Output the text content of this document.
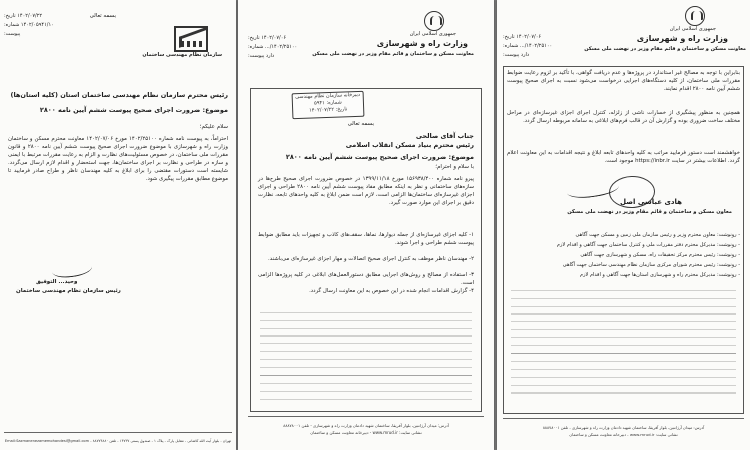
بسمه تعالی

سازمان نظام مهندسی ساختمان

۱۴۰۲/۰۷/۲۲ تاریخ:

۱۴۰۲/۰۵۹۴۱/۱۰ شماره:

پیوست:

رئیس محترم سازمان نظام مهندسی ساختمان استان (کلیه استان‌ها)

موضوع: ضرورت اجرای صحیح پیوست ششم آیین نامه ۲۸۰۰

سلام علیکم؛

احتراماً، به پیوست نامه شماره ۱۴۰۲/۲۵۱۰۰ مورخ ۱۴۰۲/۰۷/۰۶ معاونت محترم مسکن و ساختمان وزارت راه و شهرسازی با موضوع ضرورت اجرای صحیح پیوست ششم آیین نامه ۲۸۰۰ و قانون مقررات ملی ساختمان، در خصوص مسئولیت‌های نظارت و الزام به رعایت مقررات مرتبط با ایمنی و سازه در طراحی و نظارت بر اجرای ساختمان‌ها، جهت استحضار و اقدام لازم ارسال می‌گردد. شایسته است دستورات مقتضی را برای ابلاغ به کلیه مهندسان ناظر و طراح صادر فرمایید تا موضوع مطابق مقررات پیگیری شود.

وحید... التوفیق

رئیس سازمان نظام مهندسی ساختمان

تهران - بلوار آیت الله کاشانی - مقابل پارک - پلاک ۱ - صندوق پستی ۱۴۷۳۷ - تلفن ۸۸۷۷۴۸۸۰ - Email:Sazmanenezamemohandesi@gmail.com

جمهوری اسلامی ایران

وزارت راه و شهرسازی

معاونت مسکن و ساختمان و قائم مقام وزیر در نهضت ملی مسکن

۱۴۰۲/۰۷/۰۶ تاریخ:

۱۴۰۲/۲۵۱۰۰/... شماره:

دارد پیوست:

دبیرخانه سازمان نظام مهندسی
شماره: ۵۹۴۱
تاریخ: ۱۴۰۲/۰۷/۲۲

بسمه تعالی

جناب آقای صالحی

رئیس محترم بنیاد مسکن انقلاب اسلامی

موضوع: ضرورت اجرای صحیح پیوست ششم آیین نامه ۲۸۰۰

با سلام و احترام؛

پیرو نامه شماره ۱۵۶۹۳۸/۴۰۰ مورخ ۱۳۹۹/۱۱/۱۸ در خصوص ضرورت اجرای صحیح طرح‌ها در سازه‌های ساختمانی و نظر به اینکه مطابق مفاد پیوست ششم آیین نامه ۲۸۰۰ طراحی و اجرای اجزای غیرسازه‌ای ساختمان‌ها الزامی است، لازم است ضمن ابلاغ به کلیه واحدهای تابعه، نظارت دقیق بر اجرای این موارد صورت گیرد.

۱- کلیه اجزای غیرسازه‌ای از جمله دیوارها، نماها، سقف‌های کاذب و تجهیزات باید مطابق ضوابط پیوست ششم طراحی و اجرا شوند.

۲- مهندسان ناظر موظف به کنترل اجرای صحیح اتصالات و مهار اجزای غیرسازه‌ای می‌باشند.

۳- استفاده از مصالح و روش‌های اجرایی مطابق دستورالعمل‌های ابلاغی در کلیه پروژه‌ها الزامی است.

۴- گزارش اقدامات انجام شده در این خصوص به این معاونت ارسال گردد.

آدرس: میدان آرژانتین، بلوار آفریقا، ساختمان شهید دادمان وزارت راه و شهرسازی - تلفن ۸۸۸۷۸۰۰۱

نشانی سایت: www.mrud.ir - دبیرخانه معاونت مسکن و ساختمان

جمهوری اسلامی ایران

وزارت راه و شهرسازی

معاونت مسکن و ساختمان و قائم مقام وزیر در نهضت ملی مسکن

۱۴۰۲/۰۷/۰۶ تاریخ:

۱۴۰۲/۲۵۱۰۰/... شماره:

دارد پیوست:

بنابراین با توجه به مصالح غیر استاندارد در پروژه‌ها و عدم دریافت گواهی، با تأکید بر لزوم رعایت ضوابط مقررات ملی ساختمان، از کلیه دستگاه‌های اجرایی درخواست می‌شود نسبت به اجرای صحیح پیوست ششم آیین نامه ۲۸۰۰ اقدام نمایند.

همچنین به منظور پیشگیری از خسارات ناشی از زلزله، کنترل اجرای اجزای غیرسازه‌ای در مراحل مختلف ساخت ضروری بوده و گزارش آن در قالب فرم‌های ابلاغی به سامانه مربوطه ارسال گردد.

خواهشمند است دستور فرمایید مراتب به کلیه واحدهای تابعه ابلاغ و نتیجه اقدامات به این معاونت اعلام گردد. اطلاعات بیشتر در سایت https://inbr.ir موجود است.

هادی عباسی اصل

معاون مسکن و ساختمان و قائم مقام وزیر در نهضت ملی مسکن

- رونوشت: معاون محترم وزیر و رئیس سازمان ملی زمین و مسکن جهت آگاهی

- رونوشت: مدیرکل محترم دفتر مقررات ملی و کنترل ساختمان جهت آگاهی و اقدام لازم

- رونوشت: رئیس محترم مرکز تحقیقات راه، مسکن و شهرسازی جهت آگاهی

- رونوشت: رئیس محترم شورای مرکزی سازمان نظام مهندسی ساختمان جهت آگاهی

- رونوشت: مدیرکل محترم راه و شهرسازی استان‌ها جهت آگاهی و اقدام لازم

آدرس: میدان آرژانتین، بلوار آفریقا، ساختمان شهید دادمان وزارت راه و شهرسازی - تلفن ۸۸۸۷۸۰۰۱

نشانی سایت: www.mrud.ir - دبیرخانه معاونت مسکن و ساختمان
